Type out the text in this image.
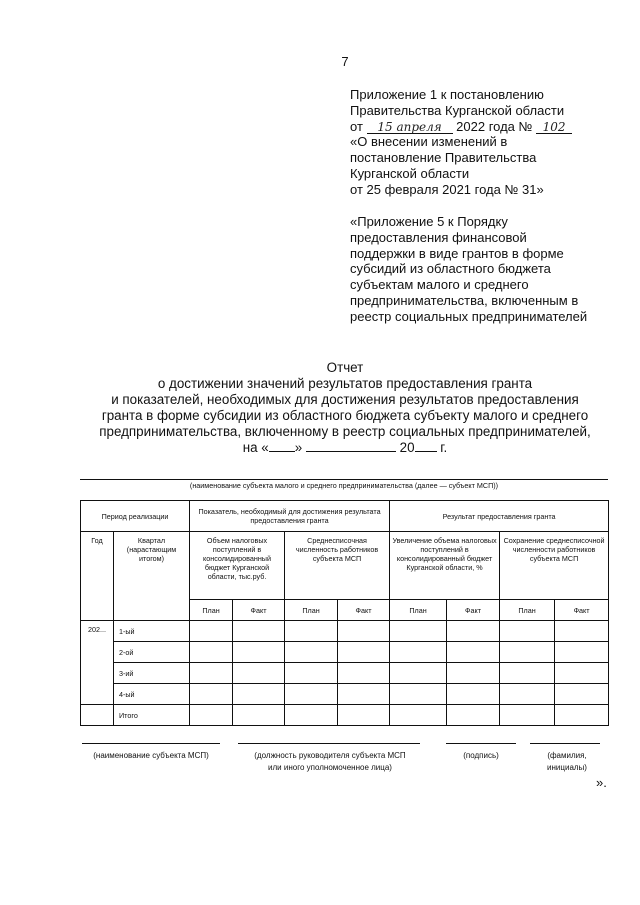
7
Приложение 1 к постановлению
Правительства Курганской области
от 15 апреля 2022 года № 102
«О внесении изменений в
постановление Правительства
Курганской области
от 25 февраля 2021 года № 31»
«Приложение 5 к Порядку
предоставления финансовой
поддержки в виде грантов в форме
субсидий из областного бюджета
субъектам малого и среднего
предпринимательства, включенным в
реестр социальных предпринимателей
Отчет
о достижении значений результатов предоставления гранта
и показателей, необходимых для достижения результатов предоставления
гранта в форме субсидии из областного бюджета субъекту малого и среднего
предпринимательства, включенному в реестр социальных предпринимателей,
на « »	20 г.
(наименование субъекта малого и среднего предпринимательства (далее — субъект МСП))
Период реализации		Показатель, необходимый для достижения результата предоставления гранта				Результат предоставления гранта			
Год	Квартал (нарастающим итогом)	Объем налоговых поступлений в консолидированный бюджет Курганской области, тыс.руб.		Среднесписочная численность работников субъекта МСП		Увеличение объема налоговых поступлений в консолидированный бюджет Курганской области, %		Сохранение среднесписочной численности работников субъекта МСП	
		План	Факт	План	Факт	План	Факт	План	Факт
202...	1-ый								
	2-ой								
	3-ий								
	4-ый								
	Итого								
(наименование субъекта МСП)	(должность руководителя субъекта МСП
или иного уполномоченное лица)
(подпись)	(фамилия,
инициалы)
».
